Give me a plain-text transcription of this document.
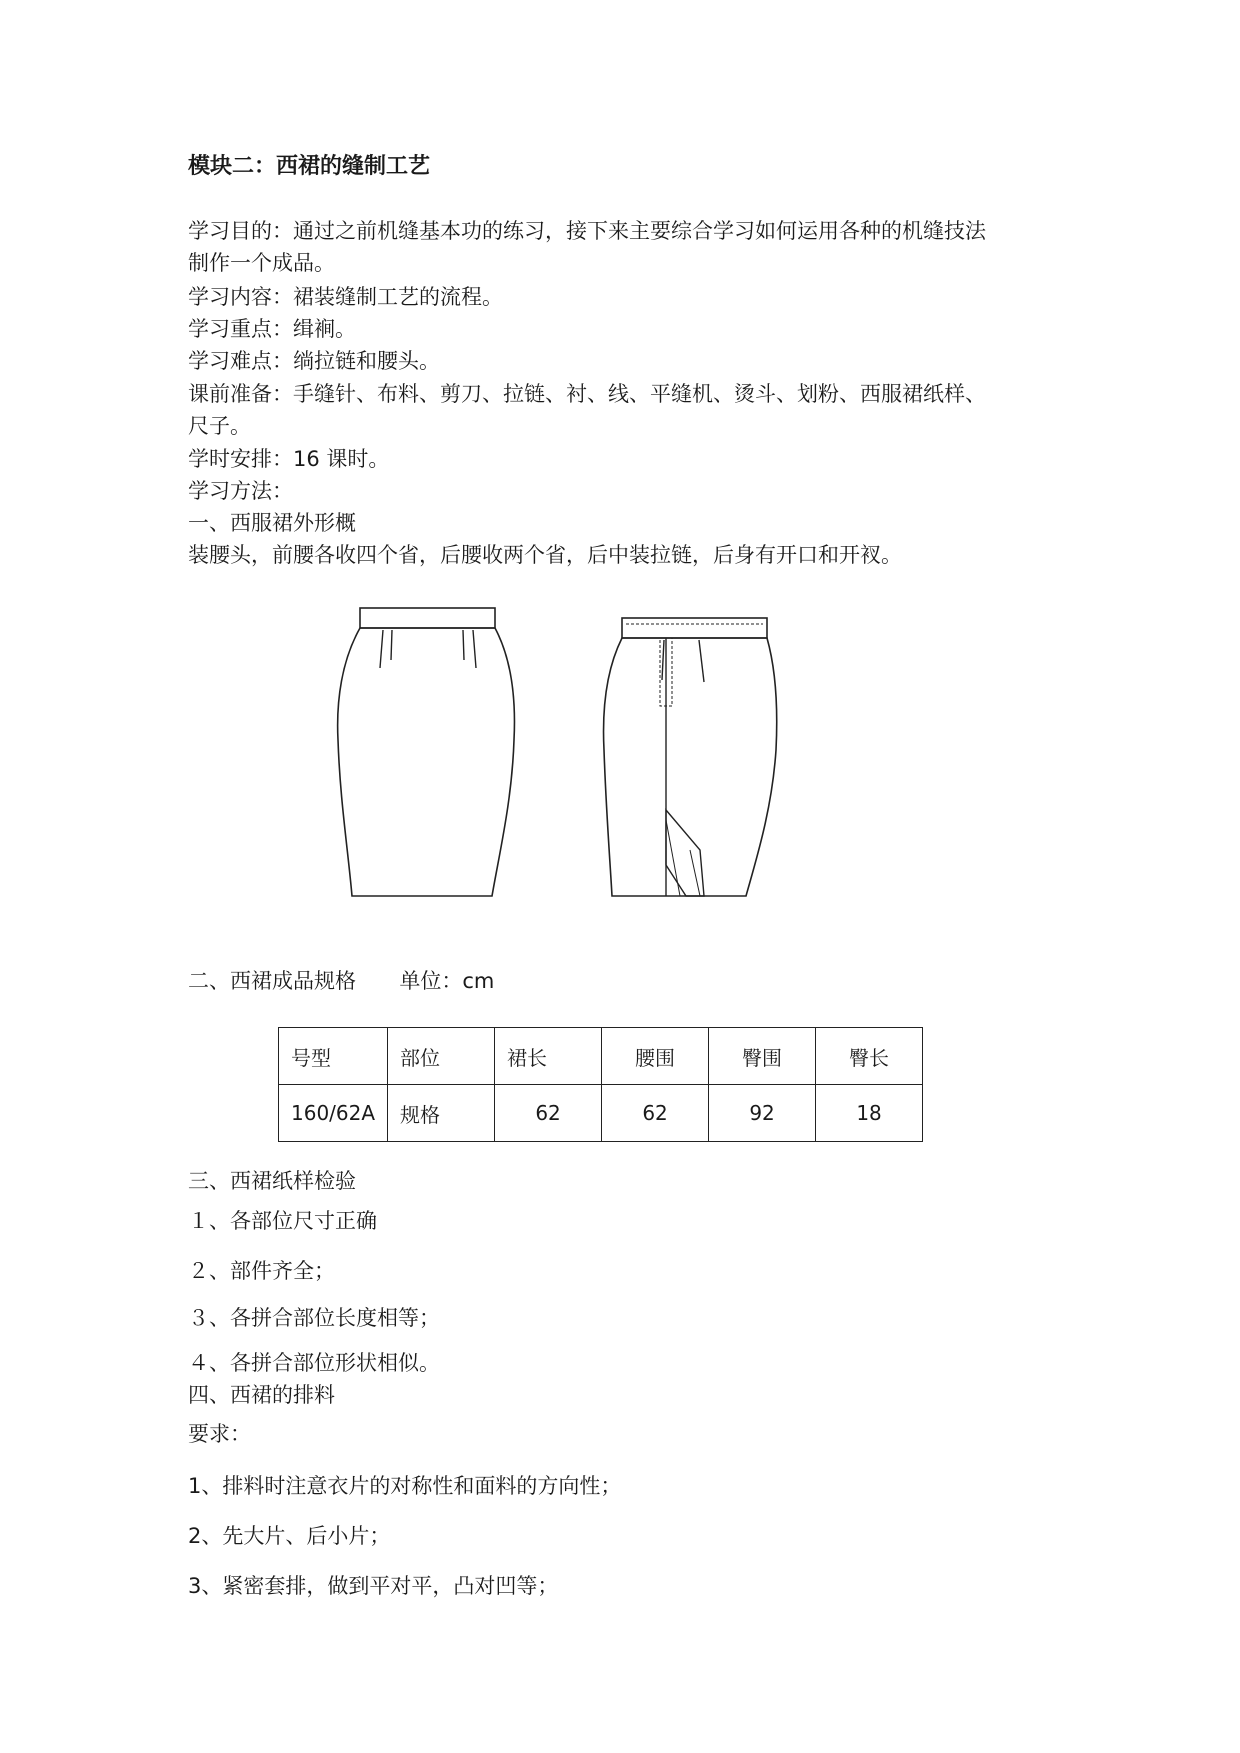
模块二：西裙的缝制工艺
学习目的：通过之前机缝基本功的练习，接下来主要综合学习如何运用各种的机缝技法
制作一个成品。
学习内容：裙装缝制工艺的流程。
学习重点：缉裥。
学习难点：绱拉链和腰头。
课前准备：手缝针、布料、剪刀、拉链、衬、线、平缝机、烫斗、划粉、西服裙纸样、
尺子。
学时安排：16 课时。
学习方法：
一、西服裙外形概
装腰头，前腰各收四个省，后腰收两个省，后中装拉链，后身有开口和开衩。
二、西裙成品规格 单位：cm
号型	部位	裙长	腰围	臀围	臀长
160/62A	规格	62	62	92	18
三、西裙纸样检验
１、各部位尺寸正确
２、部件齐全；
３、各拼合部位长度相等；
４、各拼合部位形状相似。
四、西裙的排料
要求：
1、排料时注意衣片的对称性和面料的方向性；
2、先大片、后小片；
3、紧密套排，做到平对平，凸对凹等；
